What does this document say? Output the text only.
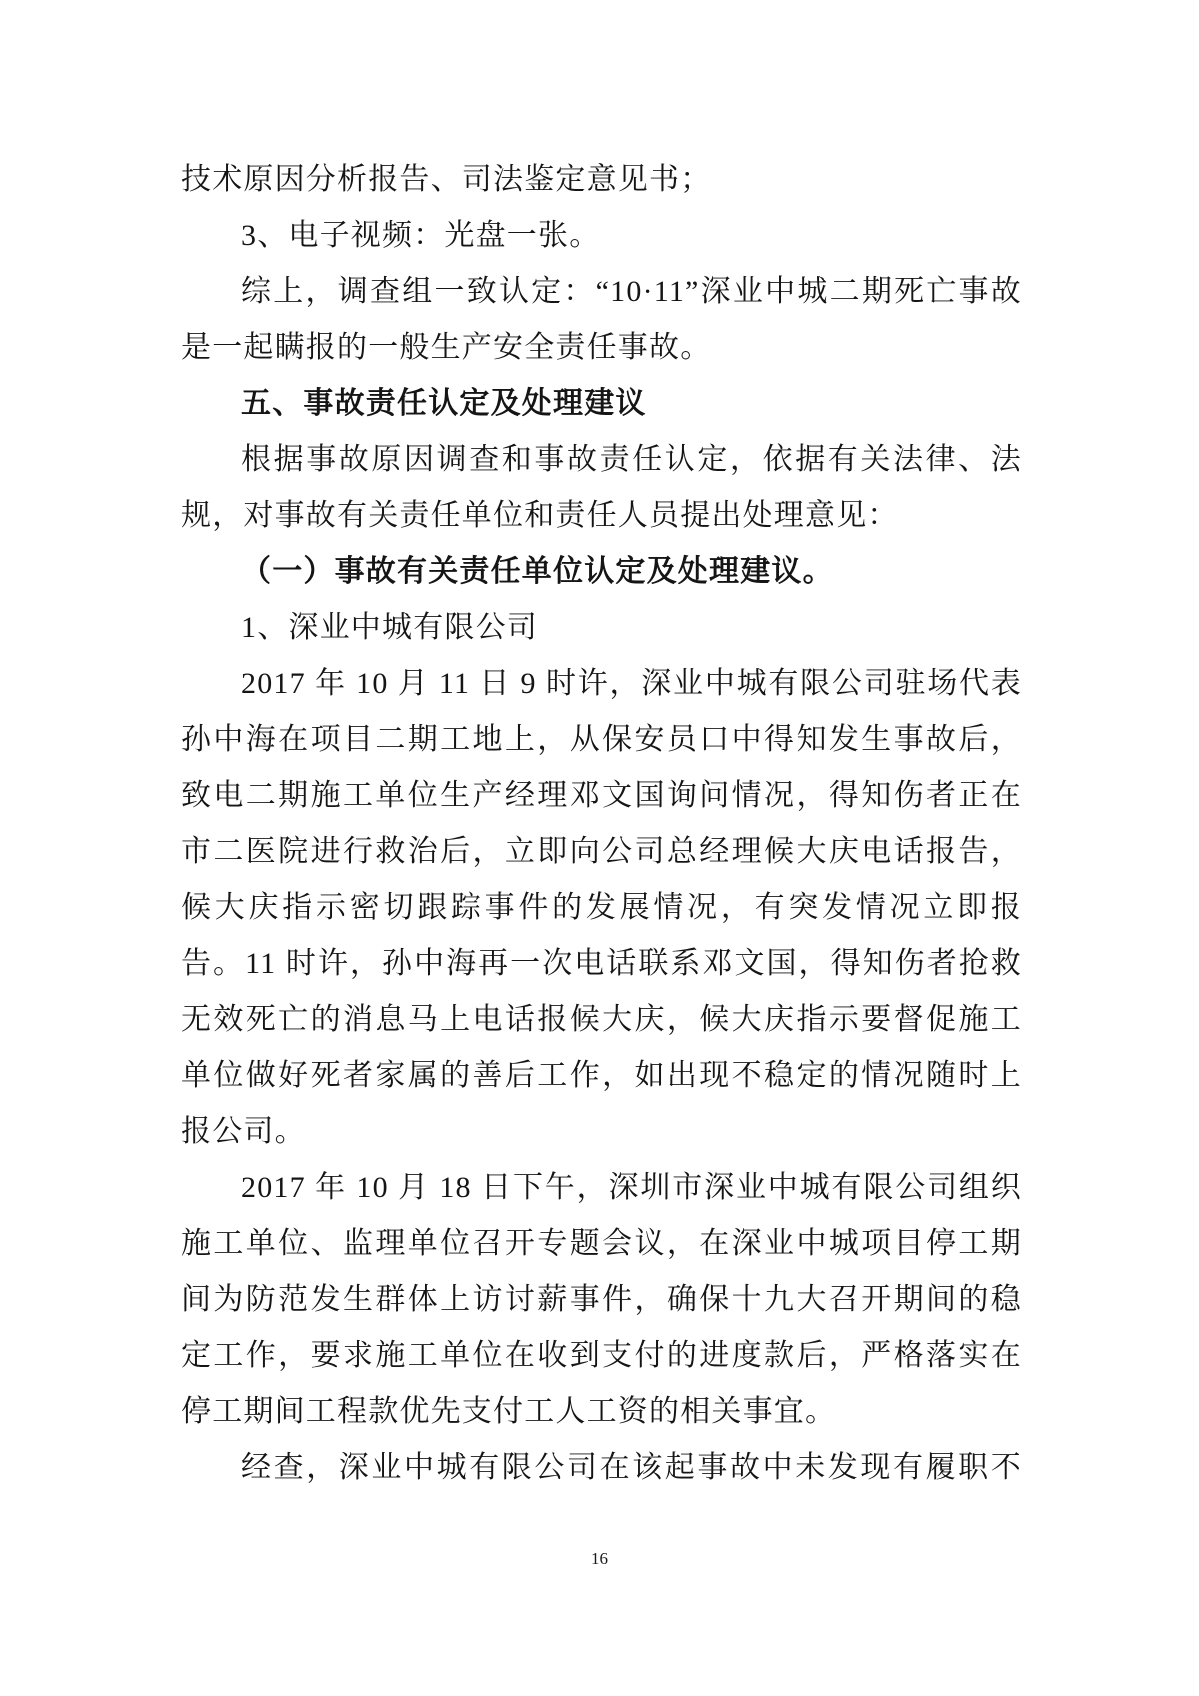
技术原因分析报告、司法鉴定意见书；

3、电子视频：光盘一张。

综上，调查组一致认定：“10·11”深业中城二期死亡事故是一起瞒报的一般生产安全责任事故。

五、事故责任认定及处理建议

根据事故原因调查和事故责任认定，依据有关法律、法规，对事故有关责任单位和责任人员提出处理意见：

（一）事故有关责任单位认定及处理建议。

1、深业中城有限公司

2017 年 10 月 11 日 9 时许，深业中城有限公司驻场代表孙中海在项目二期工地上，从保安员口中得知发生事故后，致电二期施工单位生产经理邓文国询问情况，得知伤者正在市二医院进行救治后，立即向公司总经理候大庆电话报告，候大庆指示密切跟踪事件的发展情况，有突发情况立即报告。11 时许，孙中海再一次电话联系邓文国，得知伤者抢救无效死亡的消息马上电话报候大庆，候大庆指示要督促施工单位做好死者家属的善后工作，如出现不稳定的情况随时上报公司。

2017 年 10 月 18 日下午，深圳市深业中城有限公司组织施工单位、监理单位召开专题会议，在深业中城项目停工期间为防范发生群体上访讨薪事件，确保十九大召开期间的稳定工作，要求施工单位在收到支付的进度款后，严格落实在停工期间工程款优先支付工人工资的相关事宜。

经查，深业中城有限公司在该起事故中未发现有履职不

16
